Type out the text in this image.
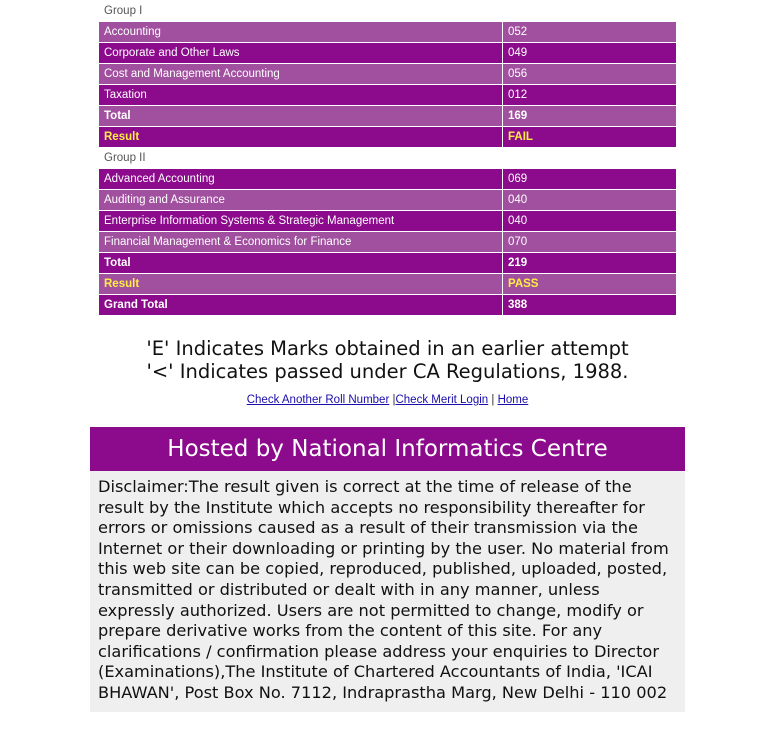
Group I	
Accounting	052
Corporate and Other Laws	049
Cost and Management Accounting	056
Taxation	012
Total	169
Result	FAIL
Group II	
Advanced Accounting	069
Auditing and Assurance	040
Enterprise Information Systems & Strategic Management	040
Financial Management & Economics for Finance	070
Total	219
Result	PASS
Grand Total	388
'E' Indicates Marks obtained in an earlier attempt
'<' Indicates passed under CA Regulations, 1988.
Check Another Roll Number |Check Merit Login | Home
Hosted by National Informatics Centre
Disclaimer:The result given is correct at the time of release of the result by the Institute which accepts no responsibility thereafter for errors or omissions caused as a result of their transmission via the Internet or their downloading or printing by the user. No material from this web site can be copied, reproduced, published, uploaded, posted, transmitted or distributed or dealt with in any manner, unless expressly authorized. Users are not permitted to change, modify or prepare derivative works from the content of this site. For any clarifications / confirmation please address your enquiries to Director (Examinations),The Institute of Chartered Accountants of India, 'ICAI BHAWAN', Post Box No. 7112, Indraprastha Marg, New Delhi - 110 002
